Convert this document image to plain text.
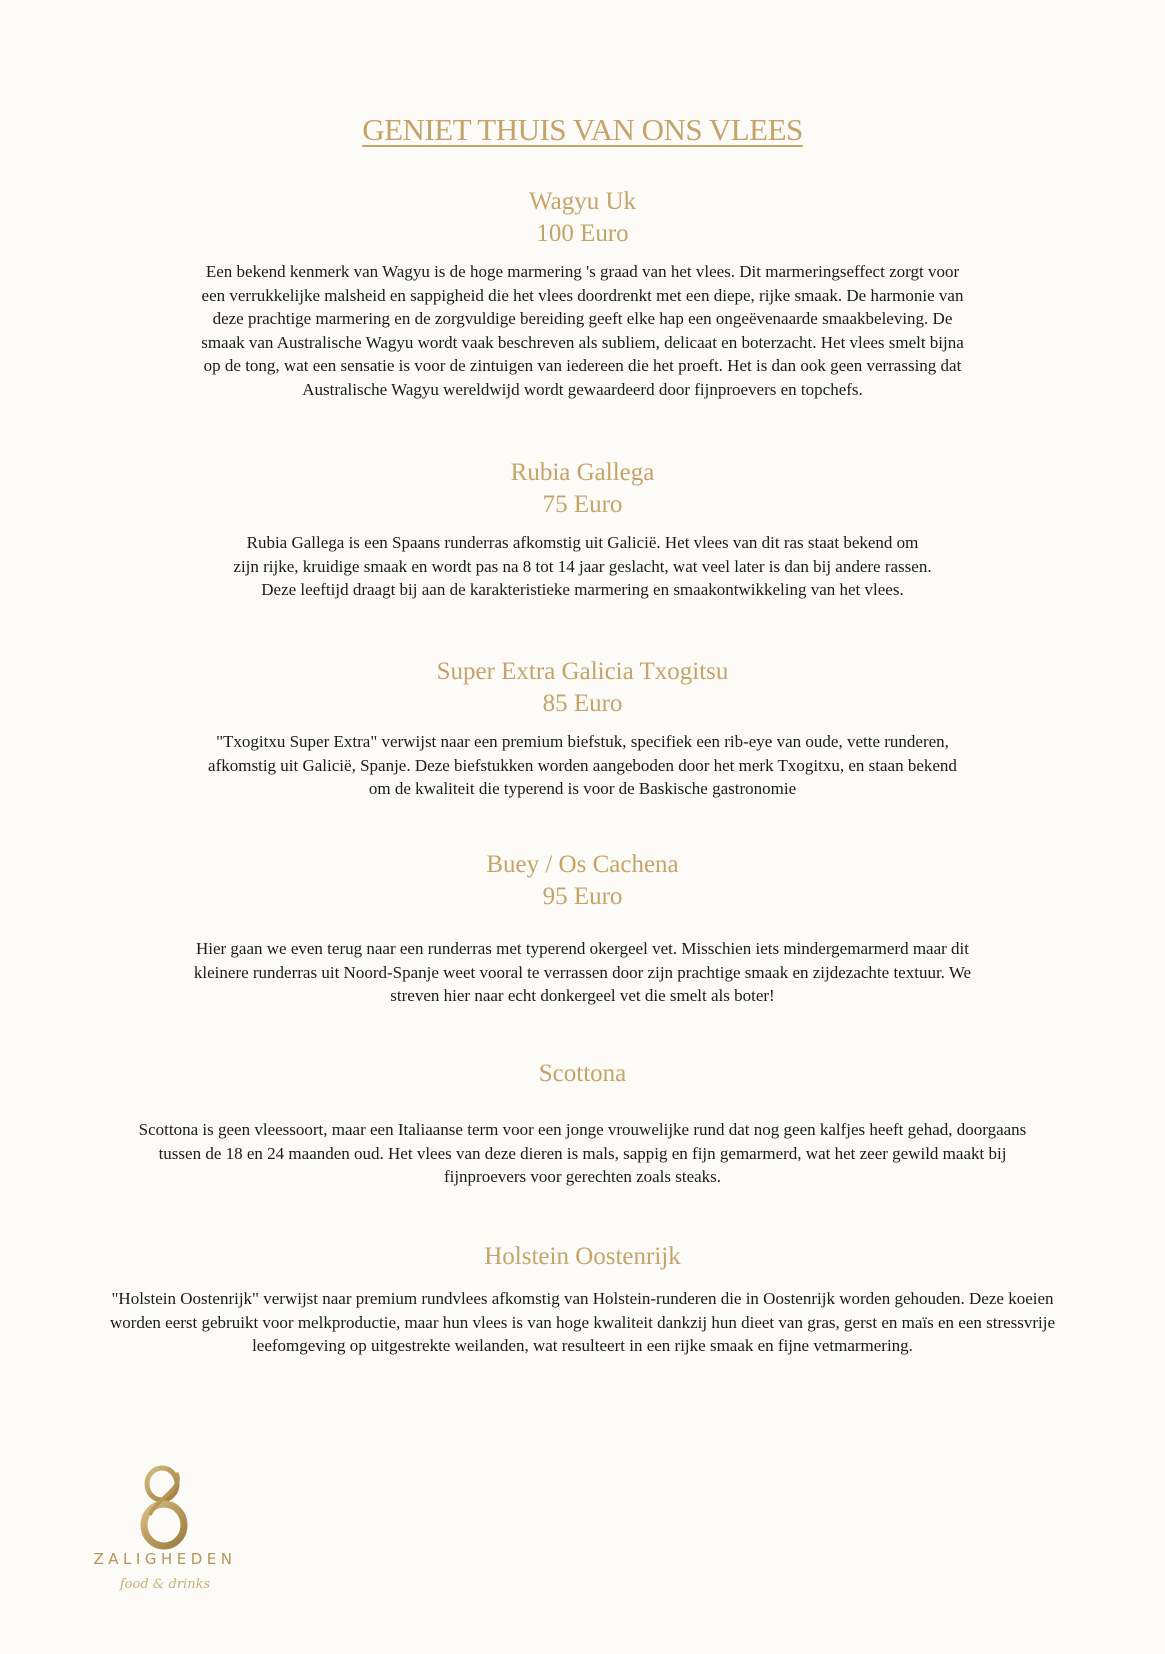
GENIET THUIS VAN ONS VLEES
Wagyu Uk
100 Euro
Een bekend kenmerk van Wagyu is de hoge marmering 's graad van het vlees. Dit marmeringseffect zorgt voor een verrukkelijke malsheid en sappigheid die het vlees doordrenkt met een diepe, rijke smaak. De harmonie van deze prachtige marmering en de zorgvuldige bereiding geeft elke hap een ongeëvenaarde smaakbeleving. De smaak van Australische Wagyu wordt vaak beschreven als subliem, delicaat en boterzacht. Het vlees smelt bijna op de tong, wat een sensatie is voor de zintuigen van iedereen die het proeft. Het is dan ook geen verrassing dat Australische Wagyu wereldwijd wordt gewaardeerd door fijnproevers en topchefs.
Rubia Gallega
75 Euro
Rubia Gallega is een Spaans runderras afkomstig uit Galicië. Het vlees van dit ras staat bekend om zijn rijke, kruidige smaak en wordt pas na 8 tot 14 jaar geslacht, wat veel later is dan bij andere rassen. Deze leeftijd draagt bij aan de karakteristieke marmering en smaakontwikkeling van het vlees.
Super Extra Galicia Txogitsu
85 Euro
"Txogitxu Super Extra" verwijst naar een premium biefstuk, specifiek een rib-eye van oude, vette runderen, afkomstig uit Galicië, Spanje. Deze biefstukken worden aangeboden door het merk Txogitxu, en staan bekend om de kwaliteit die typerend is voor de Baskische gastronomie
Buey / Os Cachena
95 Euro
Hier gaan we even terug naar een runderras met typerend okergeel vet. Misschien iets mindergemarmerd maar dit kleinere runderras uit Noord-Spanje weet vooral te verrassen door zijn prachtige smaak en zijdezachte textuur. We streven hier naar echt donkergeel vet die smelt als boter!
Scottona
Scottona is geen vleessoort, maar een Italiaanse term voor een jonge vrouwelijke rund dat nog geen kalfjes heeft gehad, doorgaans tussen de 18 en 24 maanden oud. Het vlees van deze dieren is mals, sappig en fijn gemarmerd, wat het zeer gewild maakt bij fijnproevers voor gerechten zoals steaks.
Holstein Oostenrijk
"Holstein Oostenrijk" verwijst naar premium rundvlees afkomstig van Holstein-runderen die in Oostenrijk worden gehouden. Deze koeien worden eerst gebruikt voor melkproductie, maar hun vlees is van hoge kwaliteit dankzij hun dieet van gras, gerst en maïs en een stressvrije leefomgeving op uitgestrekte weilanden, wat resulteert in een rijke smaak en fijne vetmarmering.
ZALIGHEDEN
food & drinks
